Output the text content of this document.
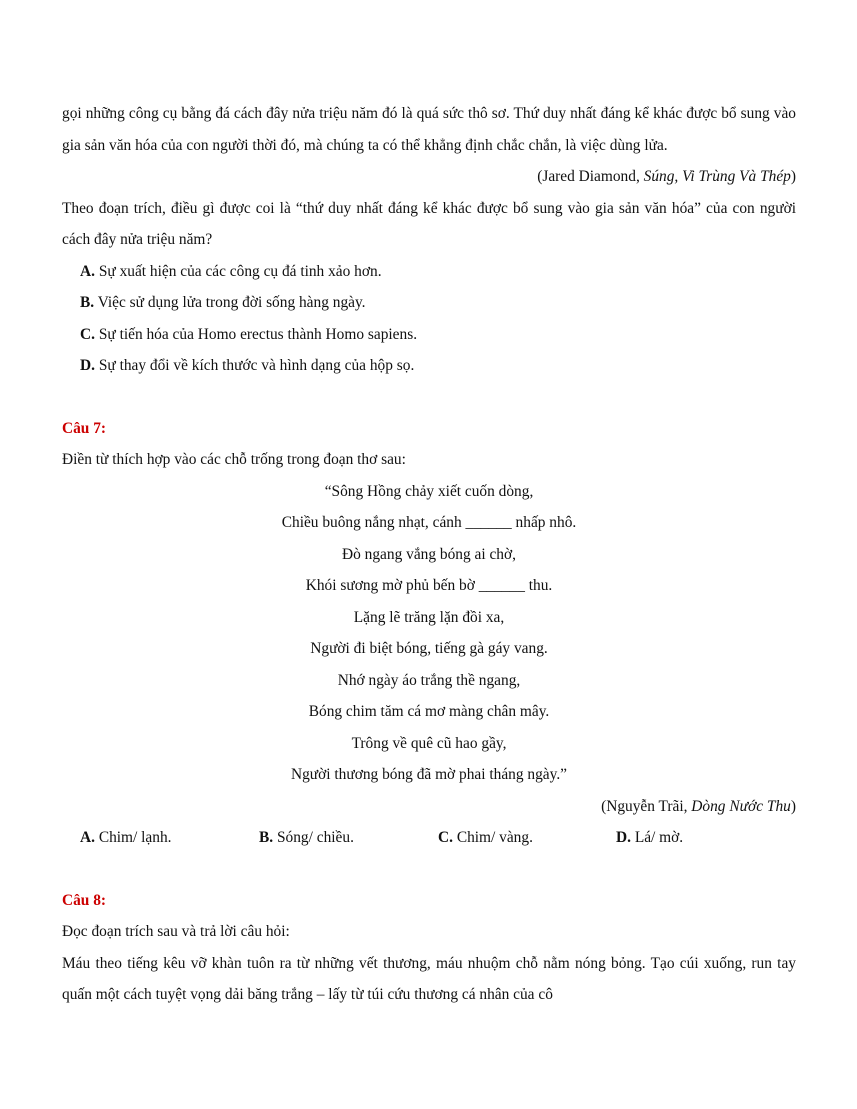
gọi những công cụ bằng đá cách đây nửa triệu năm đó là quá sức thô sơ. Thứ duy nhất đáng kể khác được bổ sung vào gia sản văn hóa của con người thời đó, mà chúng ta có thể khẳng định chắc chắn, là việc dùng lửa.

(Jared Diamond, Súng, Vi Trùng Và Thép)

Theo đoạn trích, điều gì được coi là “thứ duy nhất đáng kể khác được bổ sung vào gia sản văn hóa” của con người cách đây nửa triệu năm?

A. Sự xuất hiện của các công cụ đá tinh xảo hơn.

B. Việc sử dụng lửa trong đời sống hàng ngày.

C. Sự tiến hóa của Homo erectus thành Homo sapiens.

D. Sự thay đổi về kích thước và hình dạng của hộp sọ.

Câu 7:

Điền từ thích hợp vào các chỗ trống trong đoạn thơ sau:

“Sông Hồng chảy xiết cuốn dòng,

Chiều buông nắng nhạt, cánh ______ nhấp nhô.

Đò ngang vắng bóng ai chờ,

Khói sương mờ phủ bến bờ ______ thu.

Lặng lẽ trăng lặn đồi xa,

Người đi biệt bóng, tiếng gà gáy vang.

Nhớ ngày áo trắng thề ngang,

Bóng chim tăm cá mơ màng chân mây.

Trông về quê cũ hao gầy,

Người thương bóng đã mờ phai tháng ngày.”

(Nguyễn Trãi, Dòng Nước Thu)

A. Chim/ lạnh.	B. Sóng/ chiều.	C. Chim/ vàng.	D. Lá/ mờ.

Câu 8:

Đọc đoạn trích sau và trả lời câu hỏi:

Máu theo tiếng kêu vỡ khàn tuôn ra từ những vết thương, máu nhuộm chỗ nằm nóng bỏng. Tạo cúi xuống, run tay quấn một cách tuyệt vọng dải băng trắng – lấy từ túi cứu thương cá nhân của cô
